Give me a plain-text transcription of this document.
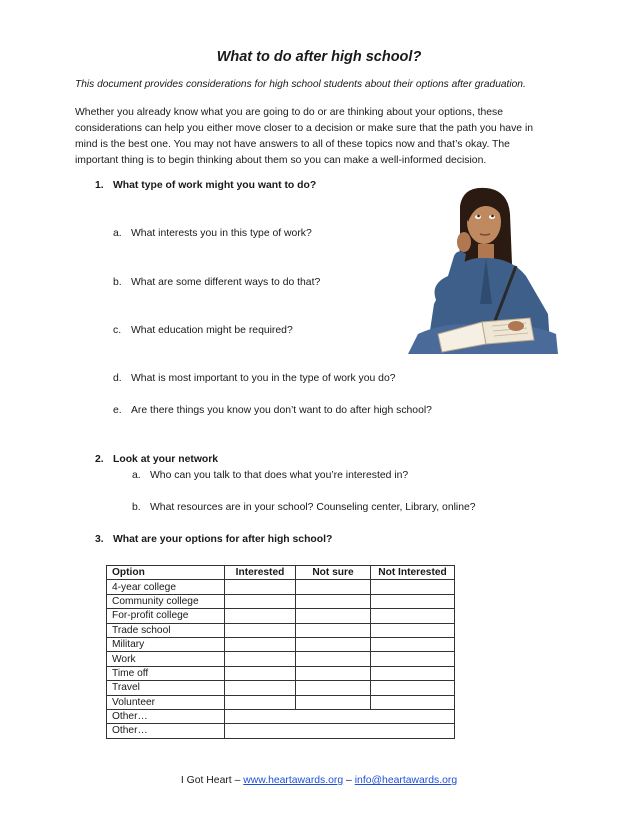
What to do after high school?
This document provides considerations for high school students about their options after graduation.
Whether you already know what you are going to do or are thinking about your options, these considerations can help you either move closer to a decision or make sure that the path you have in mind is the best one. You may not have answers to all of these topics now and that’s okay. The important thing is to begin thinking about them so you can make a well-informed decision.
1. What type of work might you want to do?
a. What interests you in this type of work?
b. What are some different ways to do that?
c. What education might be required?
d. What is most important to you in the type of work you do?
e. Are there things you know you don’t want to do after high school?
2. Look at your network
a. Who can you talk to that does what you’re interested in?
b. What resources are in your school? Counseling center, Library, online?
3. What are your options for after high school?
Option	Interested	Not sure	Not Interested
4-year college			
Community college			
For-profit college			
Trade school			
Military			
Work			
Time off			
Travel			
Volunteer			
Other…			
Other…			
I Got Heart – www.heartawards.org – info@heartawards.org
